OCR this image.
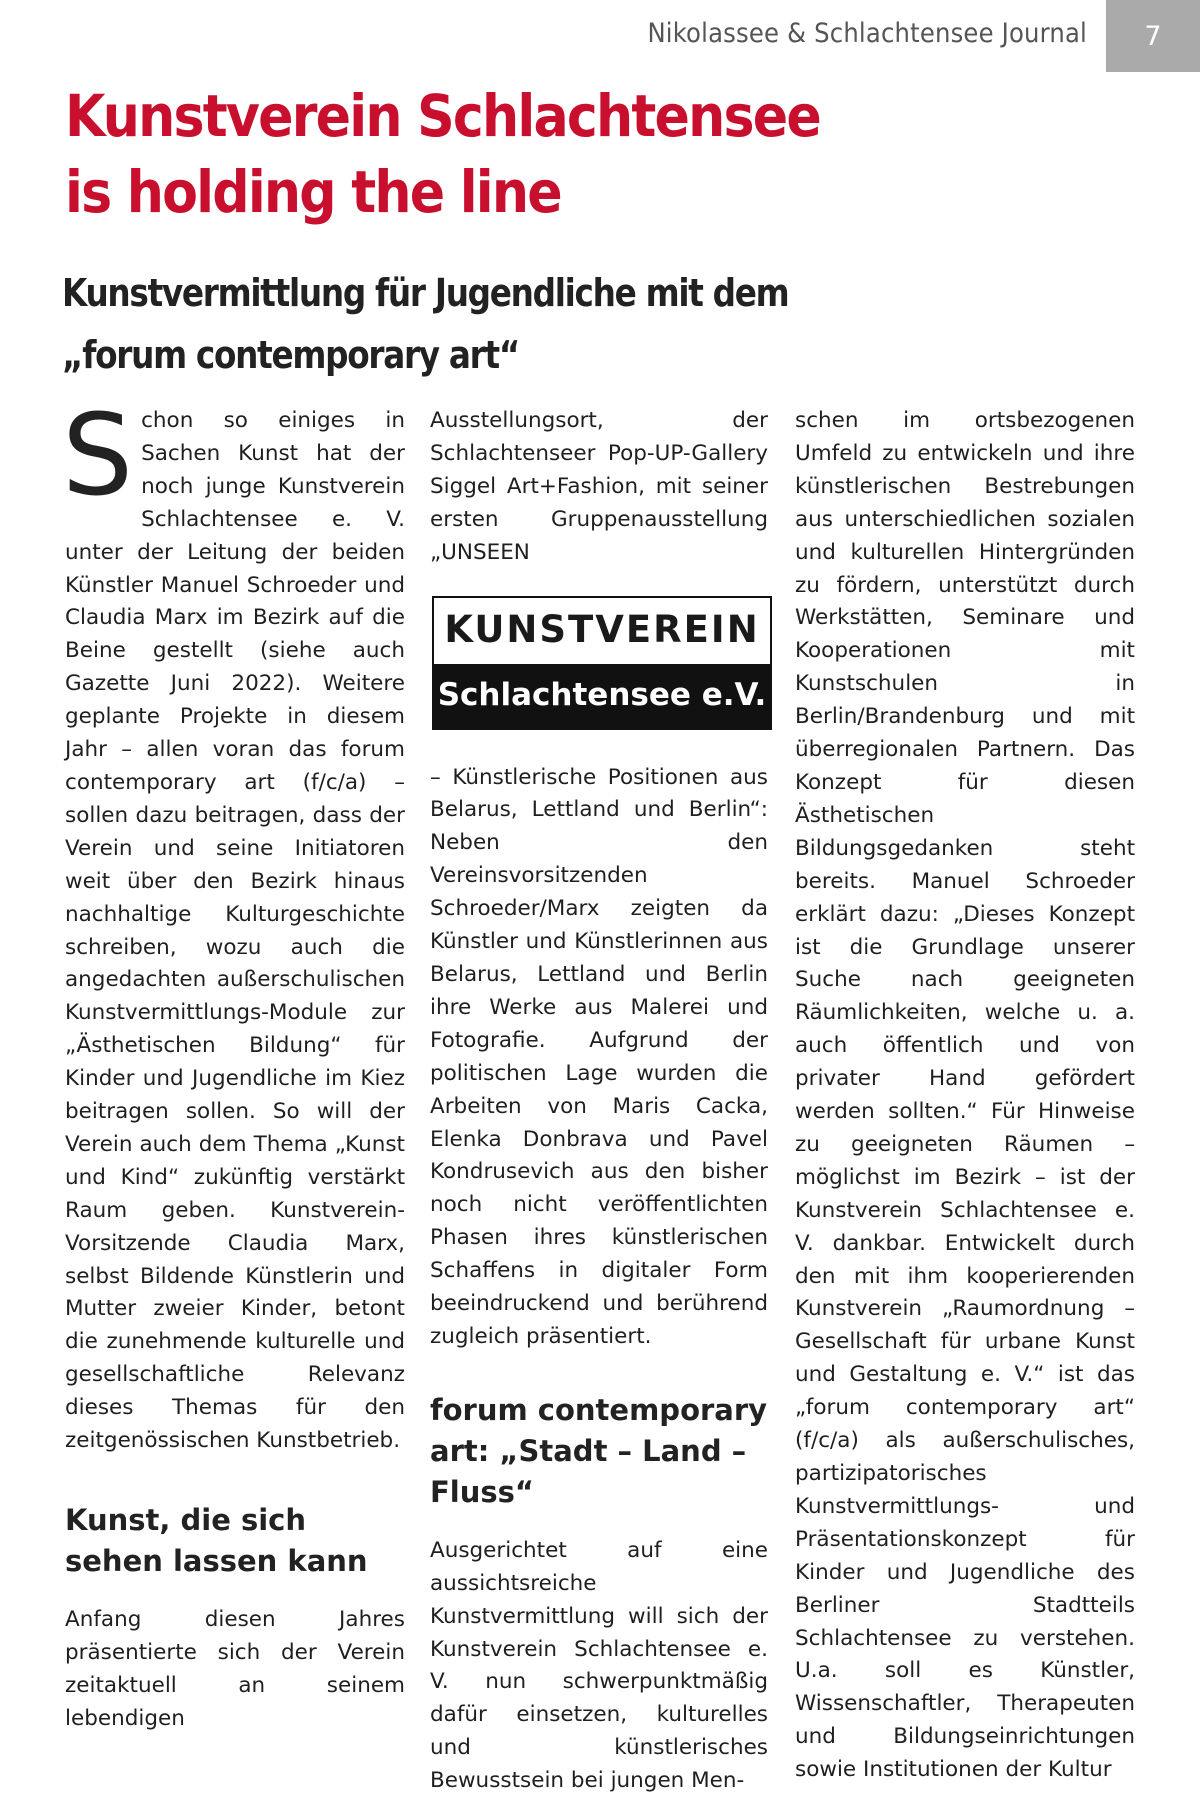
Nikolassee & Schlachtensee Journal	7
Kunstverein Schlachtensee
is holding the line
Kunstvermittlung für Jugendliche mit dem
„forum contemporary art“

Schon so einiges in Sachen Kunst hat der noch junge Kunstverein Schlachtensee e. V. unter der Leitung der beiden Künstler Manuel Schroeder und Claudia Marx im Bezirk auf die Beine gestellt (siehe auch Gazette Juni 2022). Weitere geplante Projekte in diesem Jahr – allen voran das forum contemporary art (f/c/a) – sollen dazu beitragen, dass der Verein und seine Initiatoren weit über den Bezirk hinaus nachhaltige Kulturgeschichte schreiben, wozu auch die angedachten außerschulischen Kunstvermittlungs-Module zur „Ästhetischen Bildung“ für Kinder und Jugendliche im Kiez beitragen sollen. So will der Verein auch dem Thema „Kunst und Kind“ zukünftig verstärkt Raum geben. Kunstverein-Vorsitzende Claudia Marx, selbst Bildende Künstlerin und Mutter zweier Kinder, betont die zunehmende kulturelle und gesellschaftliche Relevanz dieses Themas für den zeitgenössischen Kunstbetrieb.

Kunst, die sich sehen lassen kann

Anfang diesen Jahres präsentierte sich der Verein zeitaktuell an seinem lebendigen

Ausstellungsort, der Schlachtenseer Pop-UP-Gallery Siggel Art+Fashion, mit seiner ersten Gruppenausstellung „UNSEEN

KUNSTVEREIN
Schlachtensee e.V.

– Künstlerische Positionen aus Belarus, Lettland und Berlin“: Neben den Vereinsvorsitzenden Schroeder/Marx zeigten da Künstler und Künstlerinnen aus Belarus, Lettland und Berlin ihre Werke aus Malerei und Fotografie. Aufgrund der politischen Lage wurden die Arbeiten von Maris Cacka, Elenka Donbrava und Pavel Kondrusevich aus den bisher noch nicht veröffentlichten Phasen ihres künstlerischen Schaffens in digitaler Form beeindruckend und berührend zugleich präsentiert.

forum contemporary art: „Stadt – Land – Fluss“

Ausgerichtet auf eine aussichtsreiche Kunstvermittlung will sich der Kunstverein Schlachtensee e. V. nun schwerpunktmäßig dafür einsetzen, kulturelles und künstlerisches Bewusstsein bei jungen Men-

schen im ortsbezogenen Umfeld zu entwickeln und ihre künstlerischen Bestrebungen aus unterschiedlichen sozialen und kulturellen Hintergründen zu fördern, unterstützt durch Werkstätten, Seminare und Kooperationen mit Kunstschulen in Berlin/Brandenburg und mit überregionalen Partnern. Das Konzept für diesen Ästhetischen Bildungsgedanken steht bereits. Manuel Schroeder erklärt dazu: „Dieses Konzept ist die Grundlage unserer Suche nach geeigneten Räumlichkeiten, welche u. a. auch öffentlich und von privater Hand gefördert werden sollten.“ Für Hinweise zu geeigneten Räumen – möglichst im Bezirk – ist der Kunstverein Schlachtensee e. V. dankbar. Entwickelt durch den mit ihm kooperierenden Kunstverein „Raumordnung – Gesellschaft für urbane Kunst und Gestaltung e. V.“ ist das „forum contemporary art“ (f/c/a) als außerschulisches, partizipatorisches Kunstvermittlungs- und Präsentationskonzept für Kinder und Jugendliche des Berliner Stadtteils Schlachtensee zu verstehen. U.a. soll es Künstler, Wissenschaftler, Therapeuten und Bildungseinrichtungen sowie Institutionen der Kultur
